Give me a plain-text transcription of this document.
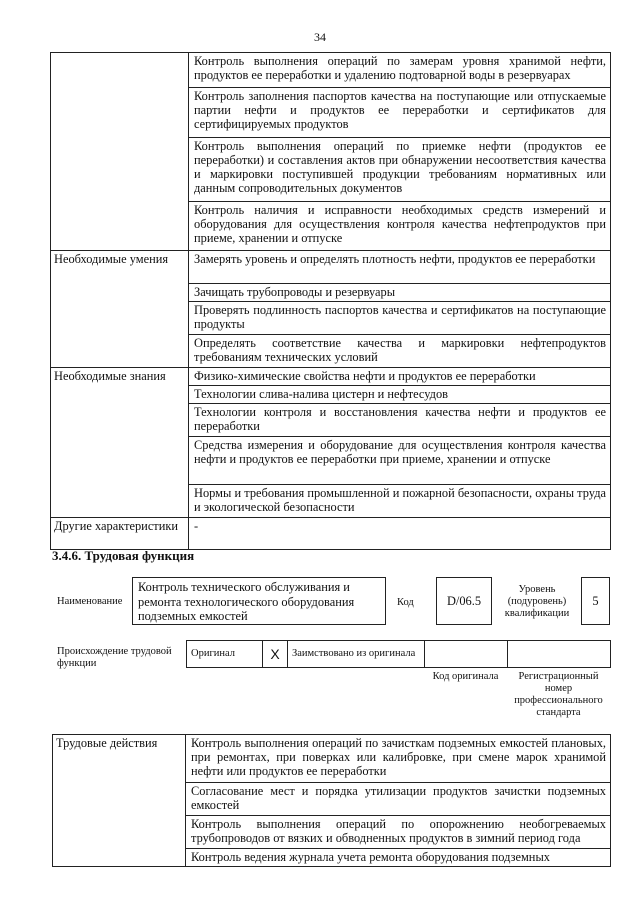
34
	Контроль выполнения операций по замерам уровня хранимой нефти, продуктов ее переработки и удалению подтоварной воды в резервуарах
	Контроль заполнения паспортов качества на поступающие или отпускаемые партии нефти и продуктов ее переработки и сертификатов для сертифицируемых продуктов
	Контроль выполнения операций по приемке нефти (продуктов ее переработки) и составления актов при обнаружении несоответствия качества и маркировки поступившей продукции требованиям нормативных или данным сопроводительных документов
	Контроль наличия и исправности необходимых средств измерений и оборудования для осуществления контроля качества нефтепродуктов при приеме, хранении и отпуске
Необходимые умения	Замерять уровень и определять плотность нефти, продуктов ее переработки
	Зачищать трубопроводы и резервуары
	Проверять подлинность паспортов качества и сертификатов на поступающие продукты
	Определять соответствие качества и маркировки нефтепродуктов требованиям технических условий
Необходимые знания	Физико-химические свойства нефти и продуктов ее переработки
	Технологии слива-налива цистерн и нефтесудов
	Технологии контроля и восстановления качества нефти и продуктов ее переработки
	Средства измерения и оборудование для осуществления контроля качества нефти и продуктов ее переработки при приеме, хранении и отпуске
	Нормы и требования промышленной и пожарной безопасности, охраны труда и экологической безопасности
Другие характеристики	-
3.4.6. Трудовая функция
Наименование
Контроль технического обслуживания и ремонта технологического оборудования подземных емкостей
Код	D/06.5
Уровень (подуровень) квалификации
5
Происхождение трудовой функции
Оригинал	X	Заимствовано из оригинала		
Код оригинала	Регистрационный номер профессионального стандарта
Трудовые действия	Контроль выполнения операций по зачисткам подземных емкостей плановых, при ремонтах, при поверках или калибровке, при смене марок хранимой нефти или продуктов ее переработки
Согласование мест и порядка утилизации продуктов зачистки подземных емкостей
Контроль выполнения операций по опорожнению необогреваемых трубопроводов от вязких и обводненных продуктов в зимний период года
Контроль ведения журнала учета ремонта оборудования подземных
